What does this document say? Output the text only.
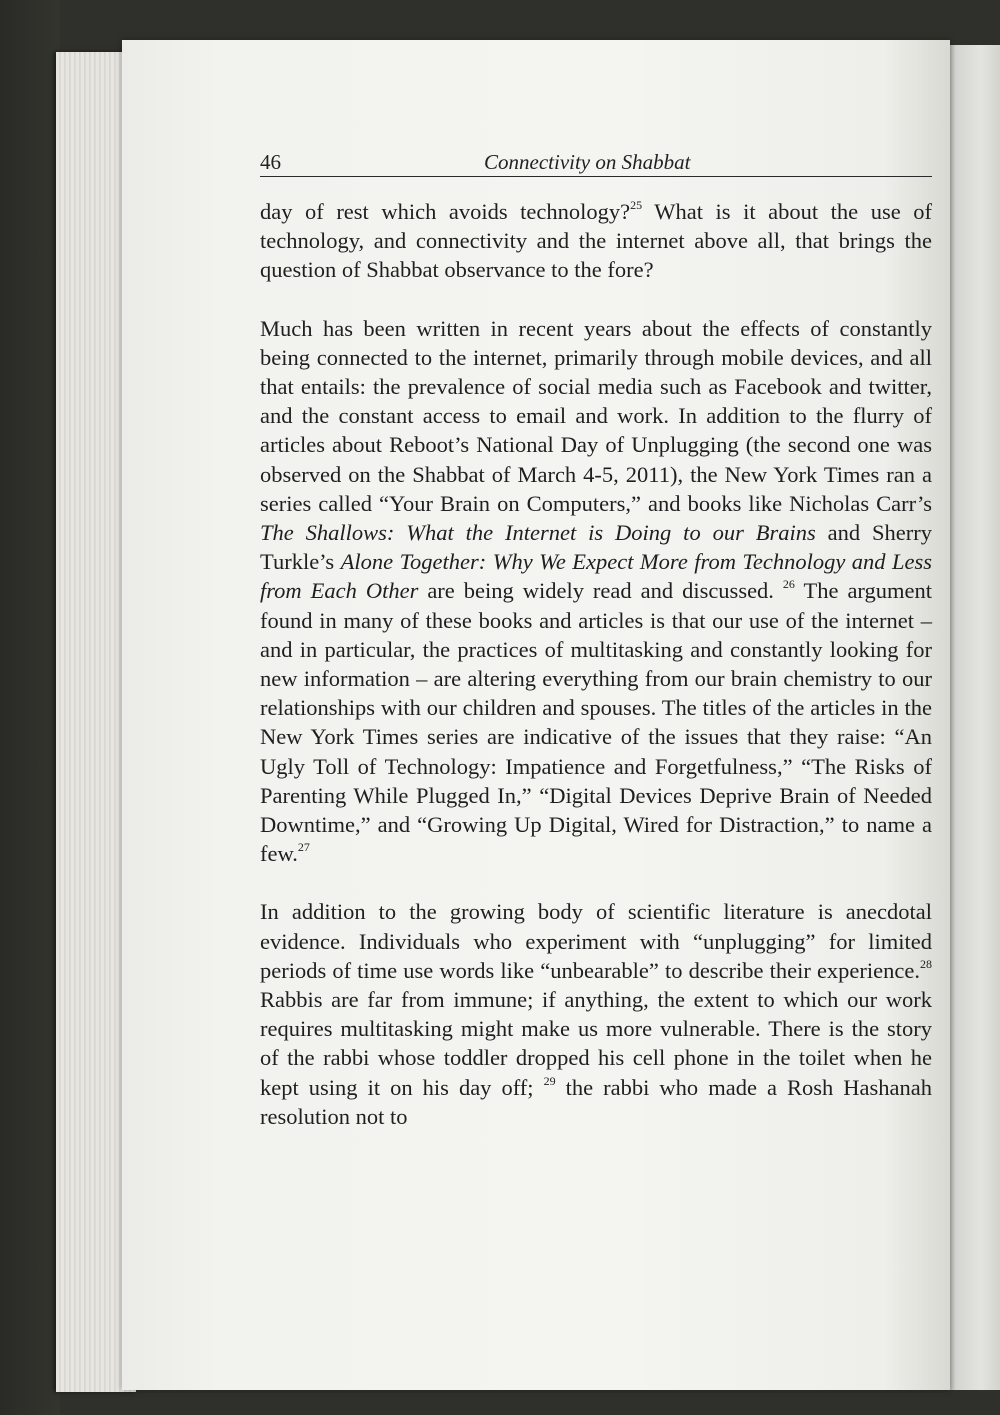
46	Connectivity on Shabbat

day of rest which avoids technology?$^{25}$ What is it about the use of technology, and connectivity and the internet above all, that brings the question of Shabbat observance to the fore?

Much has been written in recent years about the effects of constantly being connected to the internet, primarily through mobile devices, and all that entails: the prevalence of social media such as Facebook and twitter, and the constant access to email and work. In addition to the flurry of articles about Reboot’s National Day of Unplugging (the second one was observed on the Shabbat of March 4-5, 2011), the New York Times ran a series called “Your Brain on Computers,” and books like Nicholas Carr’s The Shallows: What the Internet is Doing to our Brains and Sherry Turkle’s Alone Together: Why We Expect More from Technology and Less from Each Other are being widely read and discussed. $^{26}$ The argument found in many of these books and articles is that our use of the internet – and in particular, the practices of multitasking and constantly looking for new information – are altering everything from our brain chemistry to our relationships with our children and spouses. The titles of the articles in the New York Times series are indicative of the issues that they raise: “An Ugly Toll of Technology: Impatience and Forgetfulness,” “The Risks of Parenting While Plugged In,” “Digital Devices Deprive Brain of Needed Downtime,” and “Growing Up Digital, Wired for Distraction,” to name a few.$^{27}$

In addition to the growing body of scientific literature is anecdotal evidence. Individuals who experiment with “unplugging” for limited periods of time use words like “unbearable” to describe their experience.$^{28}$ Rabbis are far from immune; if anything, the extent to which our work requires multitasking might make us more vulnerable. There is the story of the rabbi whose toddler dropped his cell phone in the toilet when he kept using it on his day off; $^{29}$ the rabbi who made a Rosh Hashanah resolution not to
